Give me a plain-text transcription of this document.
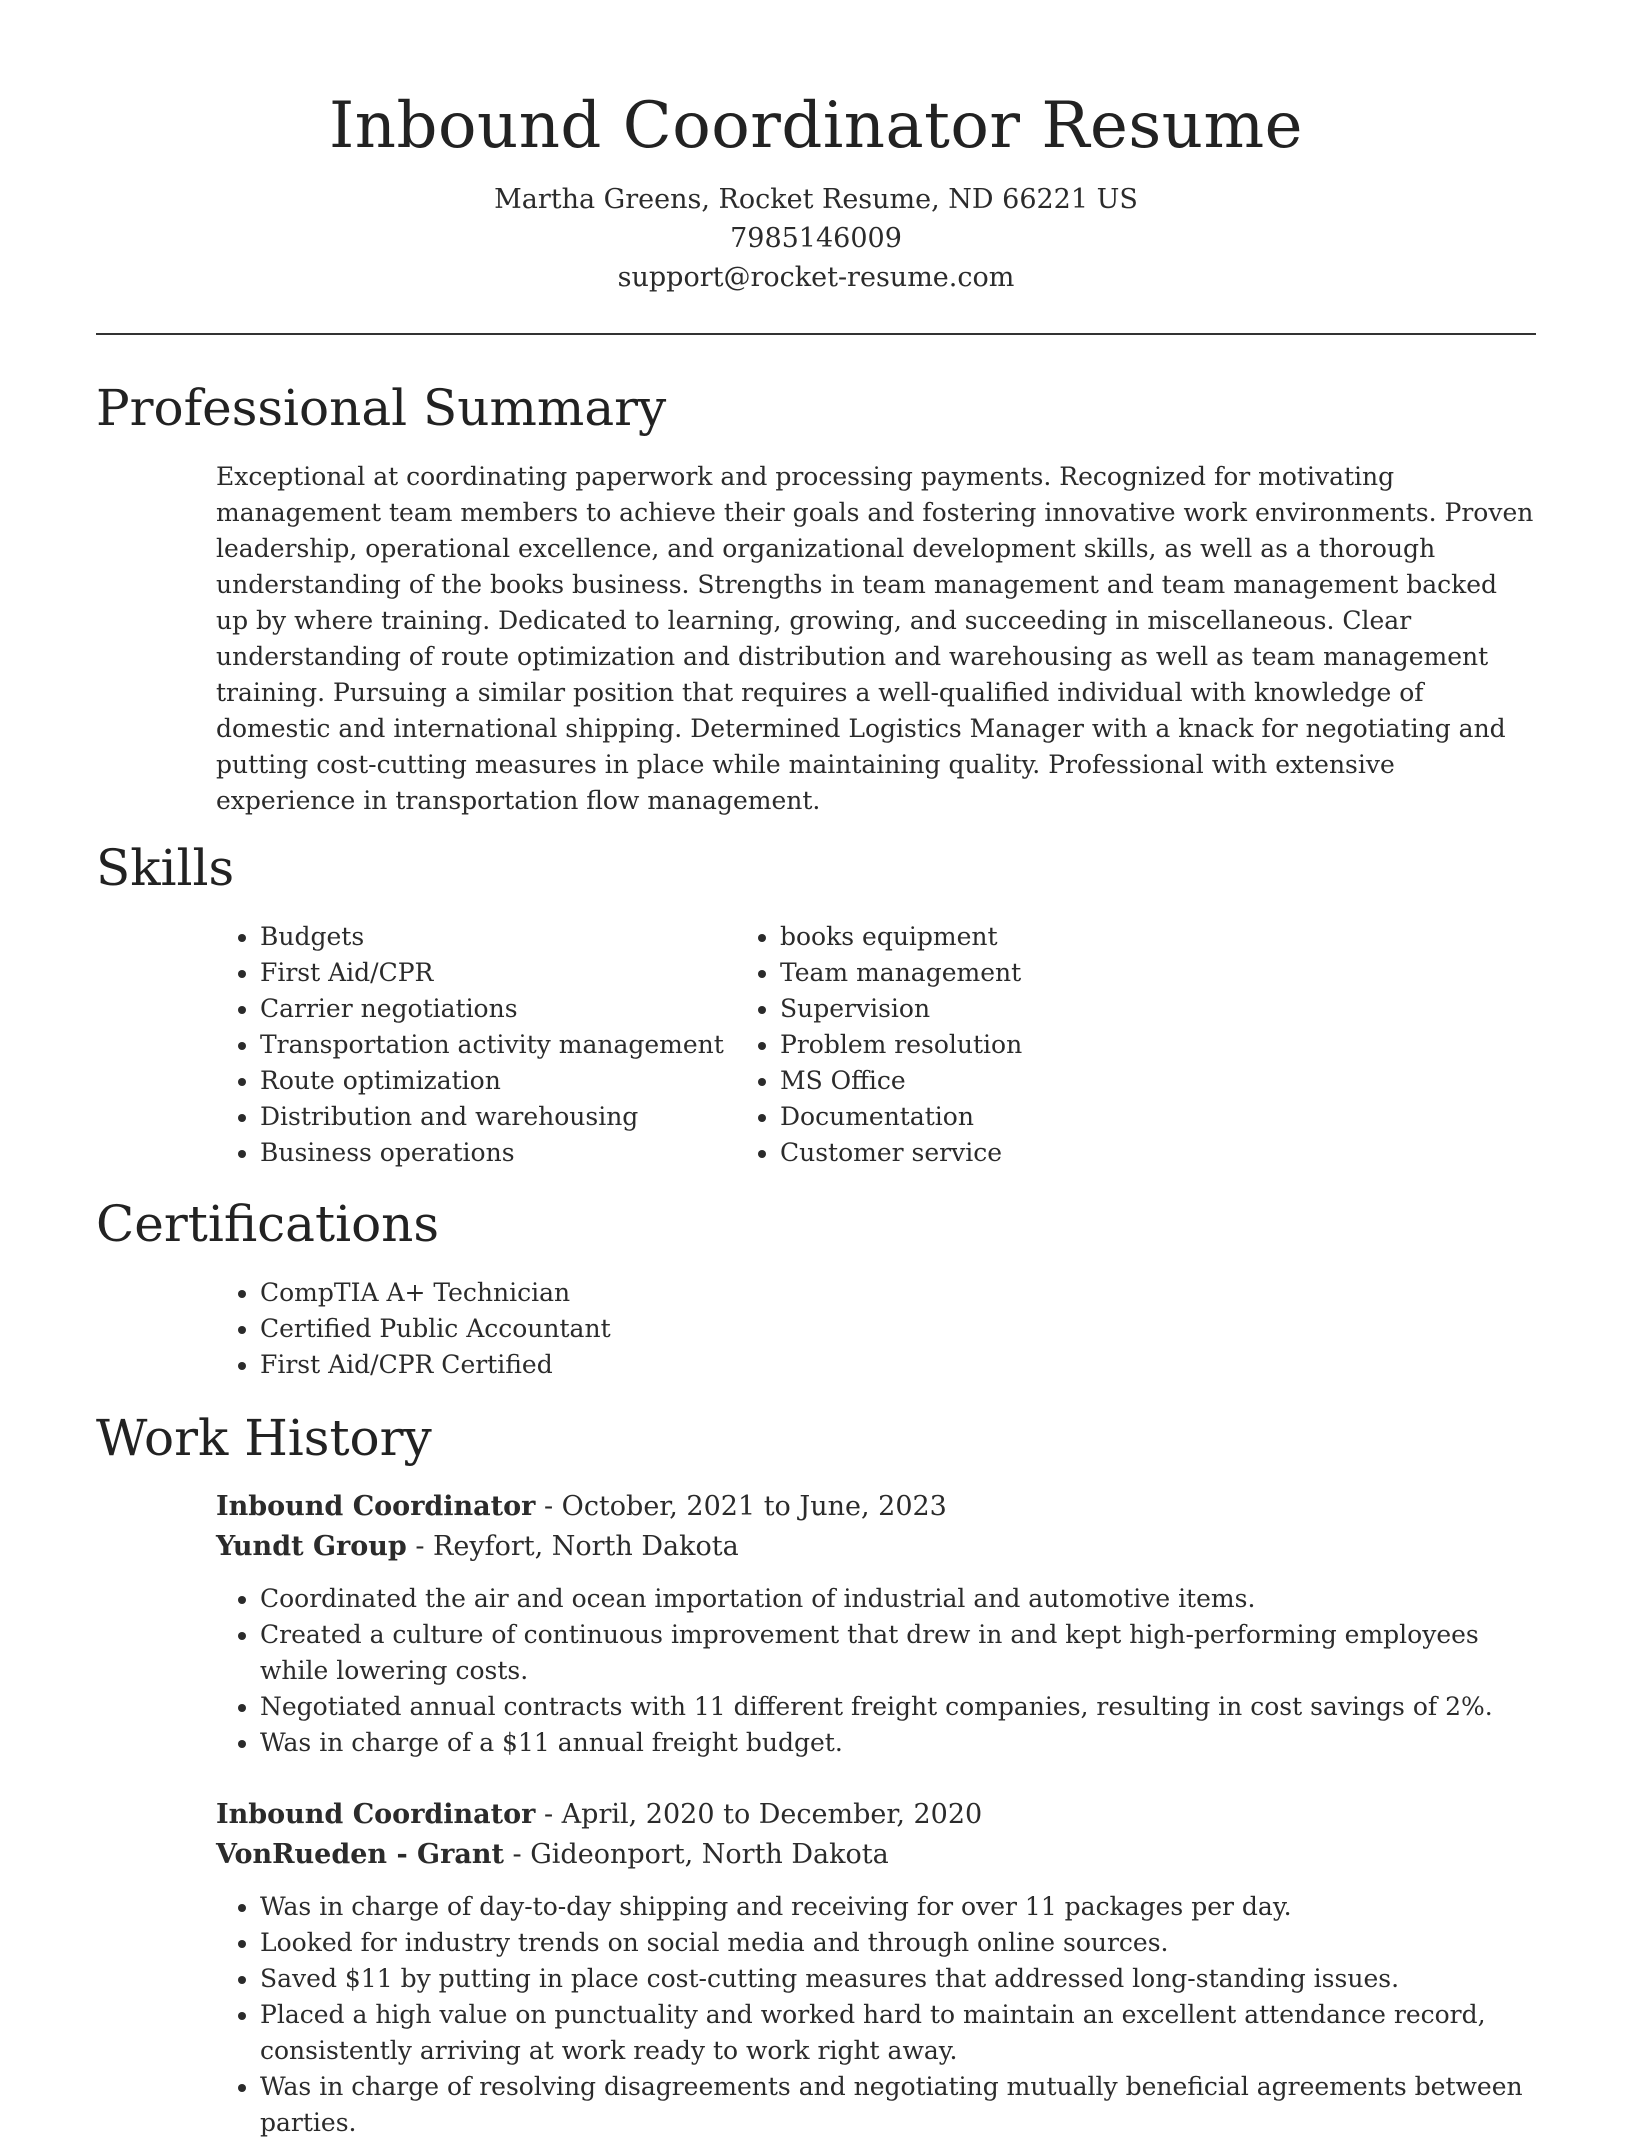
Inbound Coordinator Resume
Martha Greens, Rocket Resume, ND 66221 US
7985146009
support@rocket-resume.com
Professional Summary

Exceptional at coordinating paperwork and processing payments. Recognized for motivating management team members to achieve their goals and fostering innovative work environments. Proven leadership, operational excellence, and organizational development skills, as well as a thorough understanding of the books business. Strengths in team management and team management backed up by where training. Dedicated to learning, growing, and succeeding in miscellaneous. Clear understanding of route optimization and distribution and warehousing as well as team management training. Pursuing a similar position that requires a well-qualified individual with knowledge of domestic and international shipping. Determined Logistics Manager with a knack for negotiating and putting cost-cutting measures in place while maintaining quality. Professional with extensive experience in transportation flow management.

Skills
• Budgets
• First Aid/CPR
• Carrier negotiations
• Transportation activity management
• Route optimization
• Distribution and warehousing
• Business operations
• books equipment
• Team management
• Supervision
• Problem resolution
• MS Office
• Documentation
• Customer service
Certifications
• CompTIA A+ Technician
• Certified Public Accountant
• First Aid/CPR Certified
Work History
Inbound Coordinator - October, 2021 to June, 2023
Yundt Group - Reyfort, North Dakota
• Coordinated the air and ocean importation of industrial and automotive items.
• Created a culture of continuous improvement that drew in and kept high-performing employees while lowering costs.
• Negotiated annual contracts with 11 different freight companies, resulting in cost savings of 2%.
• Was in charge of a $11 annual freight budget.
Inbound Coordinator - April, 2020 to December, 2020
VonRueden - Grant - Gideonport, North Dakota
• Was in charge of day-to-day shipping and receiving for over 11 packages per day.
• Looked for industry trends on social media and through online sources.
• Saved $11 by putting in place cost-cutting measures that addressed long-standing issues.
• Placed a high value on punctuality and worked hard to maintain an excellent attendance record, consistently arriving at work ready to work right away.
• Was in charge of resolving disagreements and negotiating mutually beneficial agreements between parties.
